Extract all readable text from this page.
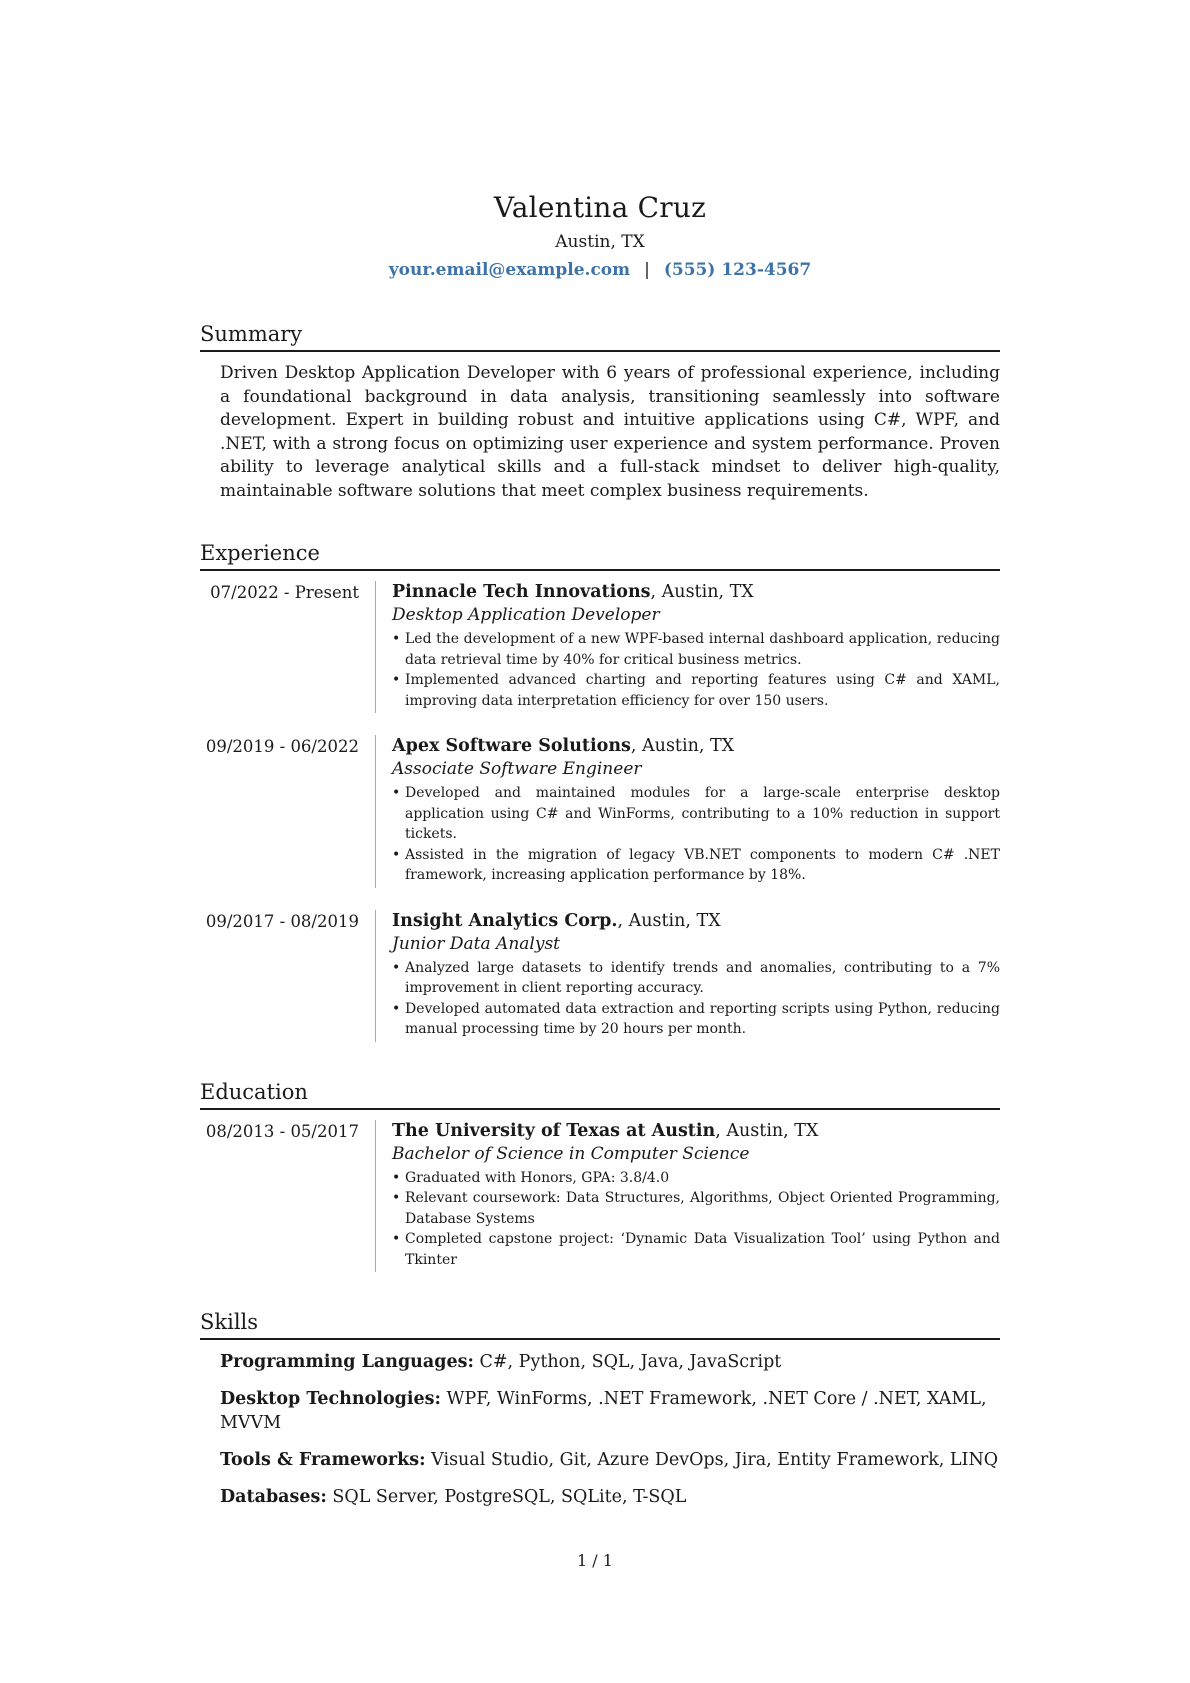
Valentina Cruz
Austin, TX
your.email@example.com | (555) 123-4567
Summary
Driven Desktop Application Developer with 6 years of professional experience, including a foundational background in data analysis, transitioning seamlessly into software development. Expert in building robust and intuitive applications using C#, WPF, and .NET, with a strong focus on optimizing user experience and system performance. Proven ability to leverage analytical skills and a full-stack mindset to deliver high-quality, maintainable software solutions that meet complex business requirements.
Experience
07/2022 - Present	Pinnacle Tech Innovations, Austin, TX
Desktop Application Developer
• Led the development of a new WPF-based internal dashboard application, reducing data retrieval time by 40% for critical business metrics.
• Implemented advanced charting and reporting features using C# and XAML, improving data interpretation efficiency for over 150 users.
09/2019 - 06/2022	Apex Software Solutions, Austin, TX
Associate Software Engineer
• Developed and maintained modules for a large-scale enterprise desktop application using C# and WinForms, contributing to a 10% reduction in support tickets.
• Assisted in the migration of legacy VB.NET components to modern C# .NET framework, increasing application performance by 18%.
09/2017 - 08/2019	Insight Analytics Corp., Austin, TX
Junior Data Analyst
• Analyzed large datasets to identify trends and anomalies, contributing to a 7% improvement in client reporting accuracy.
• Developed automated data extraction and reporting scripts using Python, reducing manual processing time by 20 hours per month.
Education
08/2013 - 05/2017	The University of Texas at Austin, Austin, TX
Bachelor of Science in Computer Science
• Graduated with Honors, GPA: 3.8/4.0
• Relevant coursework: Data Structures, Algorithms, Object Oriented Programming, Database Systems
• Completed capstone project: ‘Dynamic Data Visualization Tool’ using Python and Tkinter
Skills
Programming Languages: C#, Python, SQL, Java, JavaScript
Desktop Technologies: WPF, WinForms, .NET Framework, .NET Core / .NET, XAML, MVVM
Tools & Frameworks: Visual Studio, Git, Azure DevOps, Jira, Entity Framework, LINQ
Databases: SQL Server, PostgreSQL, SQLite, T-SQL
1 / 1
